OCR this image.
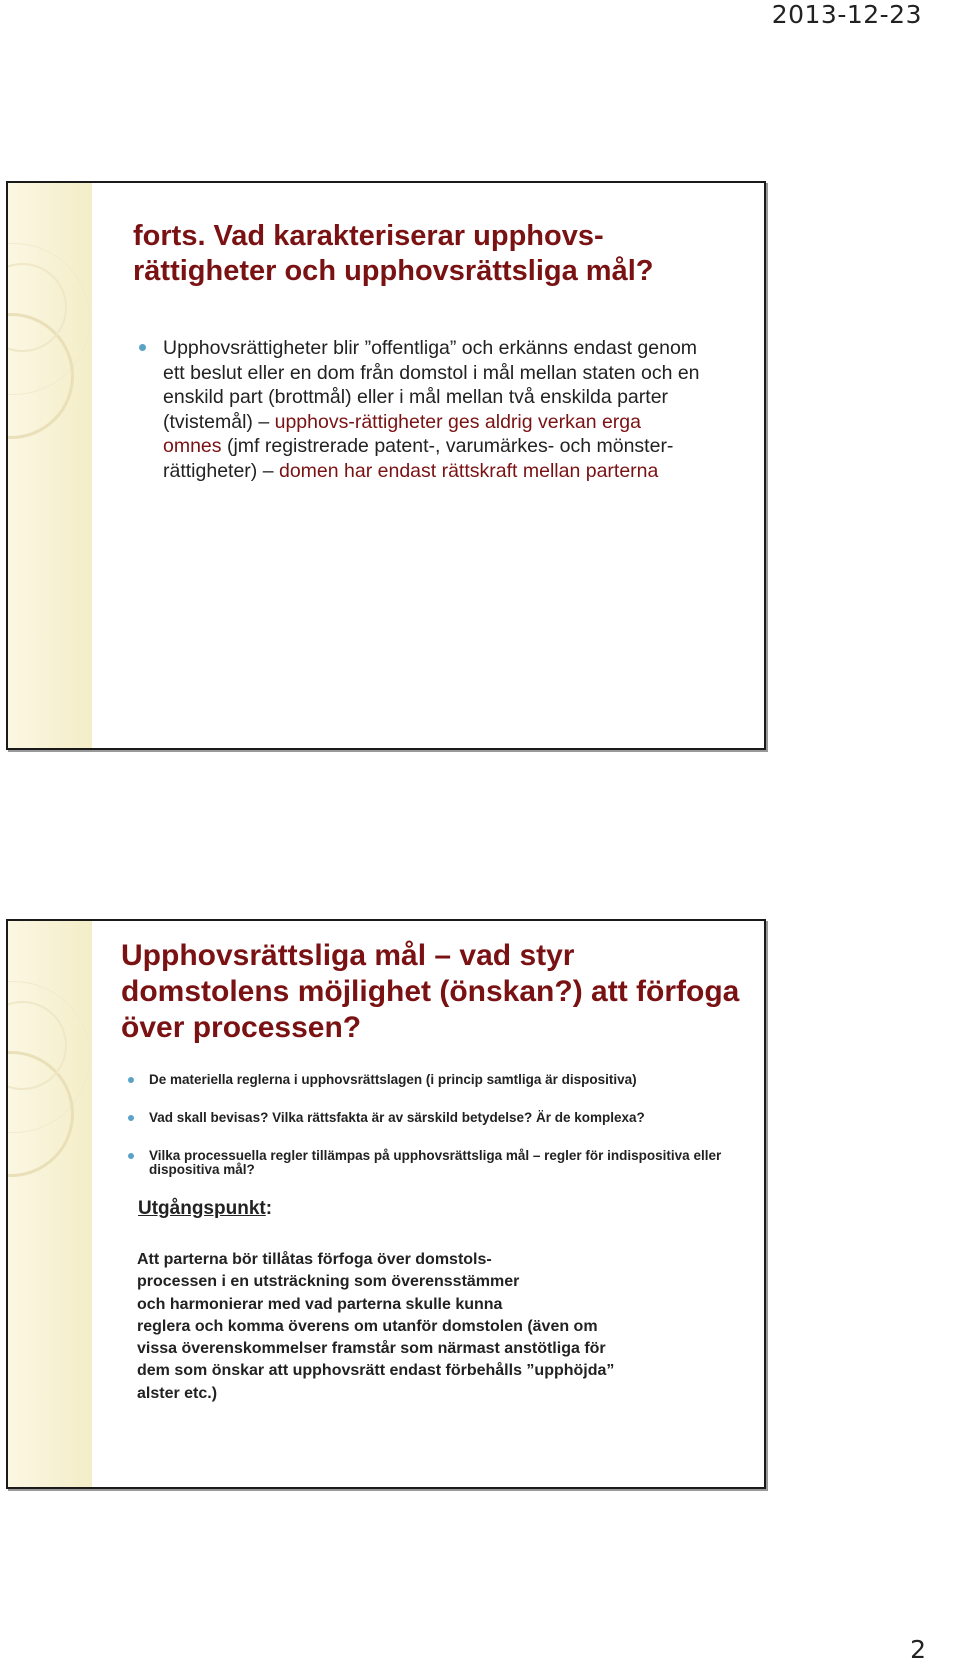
2013-12-23
forts. Vad karakteriserar upphovs-
rättigheter och upphovsrättsliga mål?

Upphovsrättigheter blir ”offentliga” och erkänns endast genom ett beslut eller en dom från domstol i mål mellan staten och en enskild part (brottmål) eller i mål mellan två enskilda parter (tvistemål) – upphovs-rättigheter ges aldrig verkan erga omnes (jmf registrerade patent-, varumärkes- och mönster-rättigheter) – domen har endast rättskraft mellan parterna

Upphovsrättsliga mål – vad styr
domstolens möjlighet (önskan?) att förfoga
över processen?

De materiella reglerna i upphovsrättslagen (i princip samtliga är dispositiva)

Vad skall bevisas? Vilka rättsfakta är av särskild betydelse? Är de komplexa?

Vilka processuella regler tillämpas på upphovsrättsliga mål – regler för indispositiva eller dispositiva mål?

Utgångspunkt:

Att parterna bör tillåtas förfoga över domstols-
processen i en utsträckning som överensstämmer
och harmonierar med vad parterna skulle kunna
reglera och komma överens om utanför domstolen (även om
vissa överenskommelser framstår som närmast anstötliga för
dem som önskar att upphovsrätt endast förbehålls ”upphöjda”
alster etc.)

2
